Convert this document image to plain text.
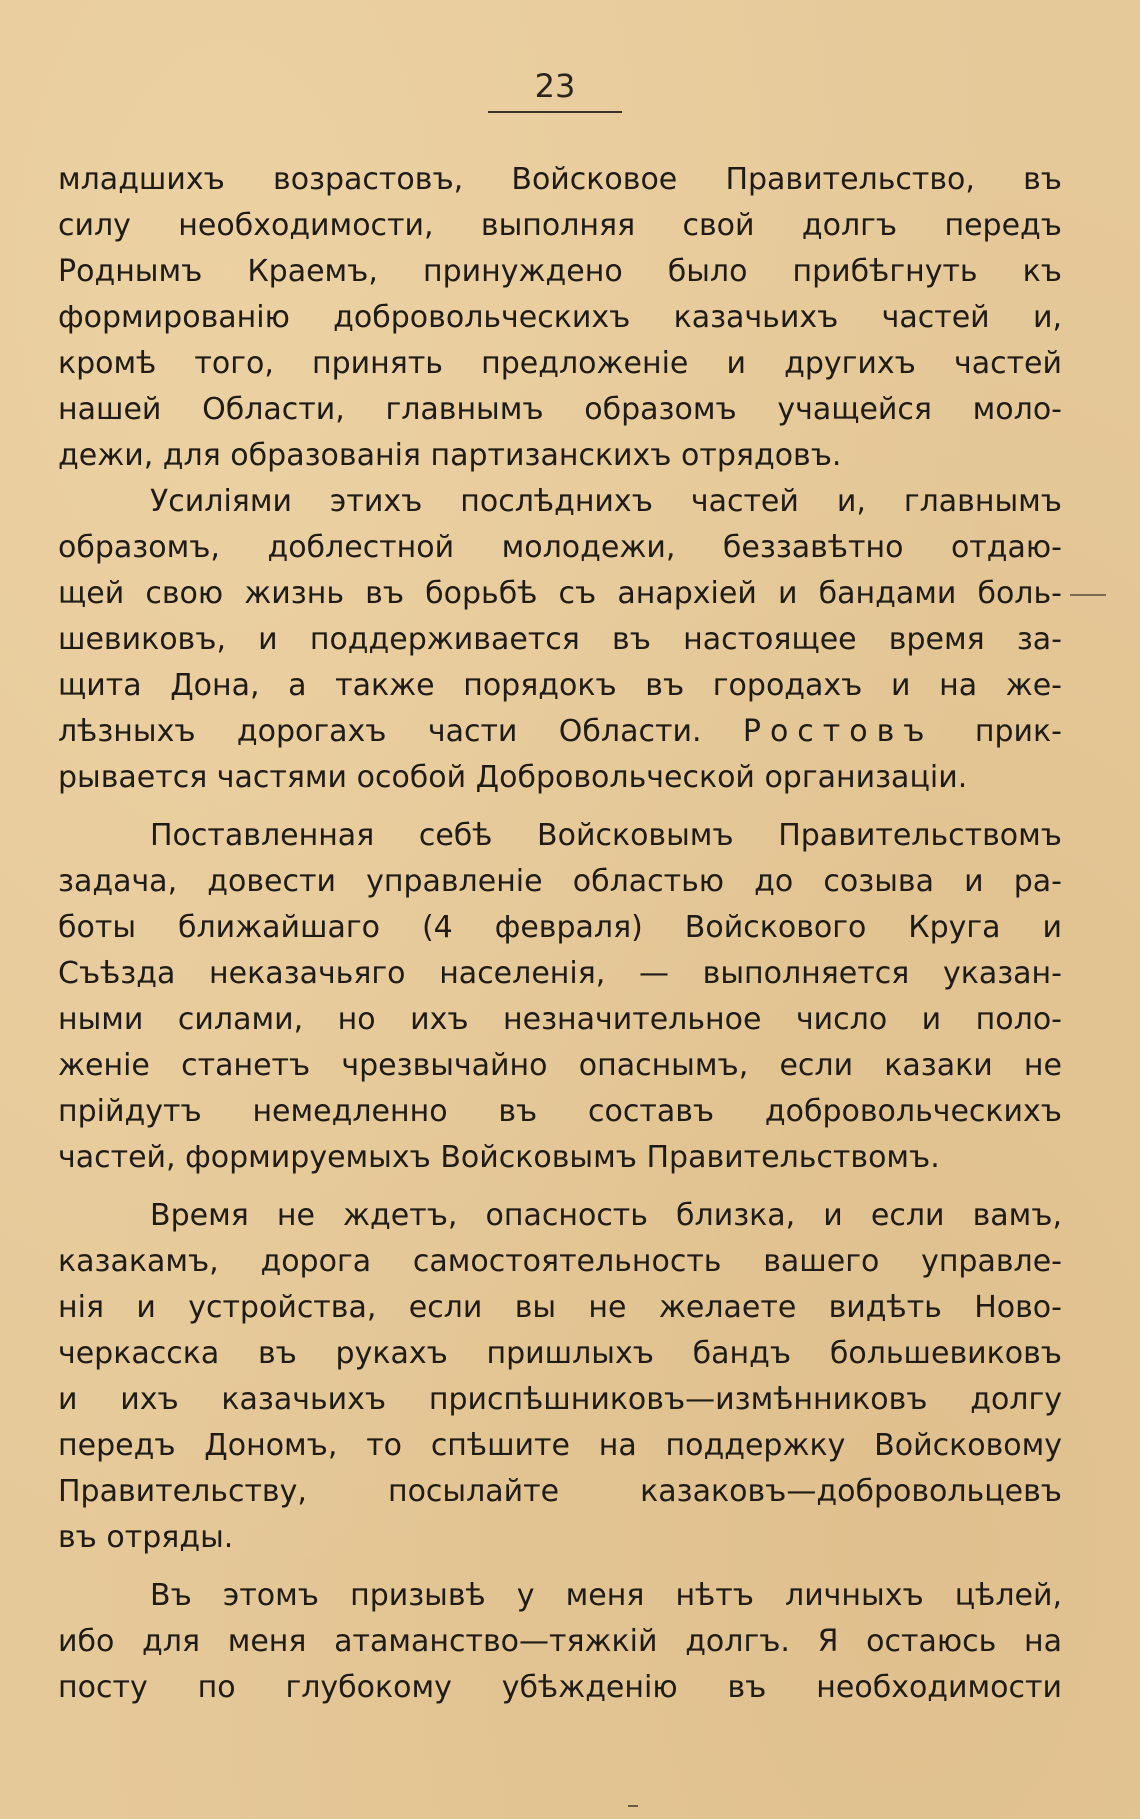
23
младшихъ возрастовъ, Войсковое Правительство, въ
силу необходимости, выполняя свой долгъ передъ
Роднымъ Краемъ, принуждено было прибѣгнуть къ
формированію добровольческихъ казачьихъ частей и,
кромѣ того, принять предложеніе и другихъ частей
нашей Области, главнымъ образомъ учащейся моло-
дежи, для образованія партизанскихъ отрядовъ.
Усиліями этихъ послѣднихъ частей и, главнымъ
образомъ, доблестной молодежи, беззавѣтно отдаю-
щей свою жизнь въ борьбѣ съ анархіей и бандами боль-
шевиковъ, и поддерживается въ настоящее время за-
щита Дона, а также порядокъ въ городахъ и на же-
лѣзныхъ дорогахъ части Области. Ростовъ прик-
рывается частями особой Добровольческой организаціи.
Поставленная себѣ Войсковымъ Правительствомъ
задача, довести управленіе областью до созыва и ра-
боты ближайшаго (4 февраля) Войскового Круга и
Съѣзда неказачьяго населенія, — выполняется указан-
ными силами, но ихъ незначительное число и поло-
женіе станетъ чрезвычайно опаснымъ, если казаки не
прійдутъ немедленно въ составъ добровольческихъ
частей, формируемыхъ Войсковымъ Правительствомъ.
Время не ждетъ, опасность близка, и если вамъ,
казакамъ, дорога самостоятельность вашего управле-
нія и устройства, если вы не желаете видѣть Ново-
черкасска въ рукахъ пришлыхъ бандъ большевиковъ
и ихъ казачьихъ приспѣшниковъ—измѣнниковъ долгу
передъ Дономъ, то спѣшите на поддержку Войсковому
Правительству, посылайте казаковъ—добровольцевъ
въ отряды.
Въ этомъ призывѣ у меня нѣтъ личныхъ цѣлей,
ибо для меня атаманство—тяжкій долгъ. Я остаюсь на
посту по глубокому убѣжденію въ необходимости
